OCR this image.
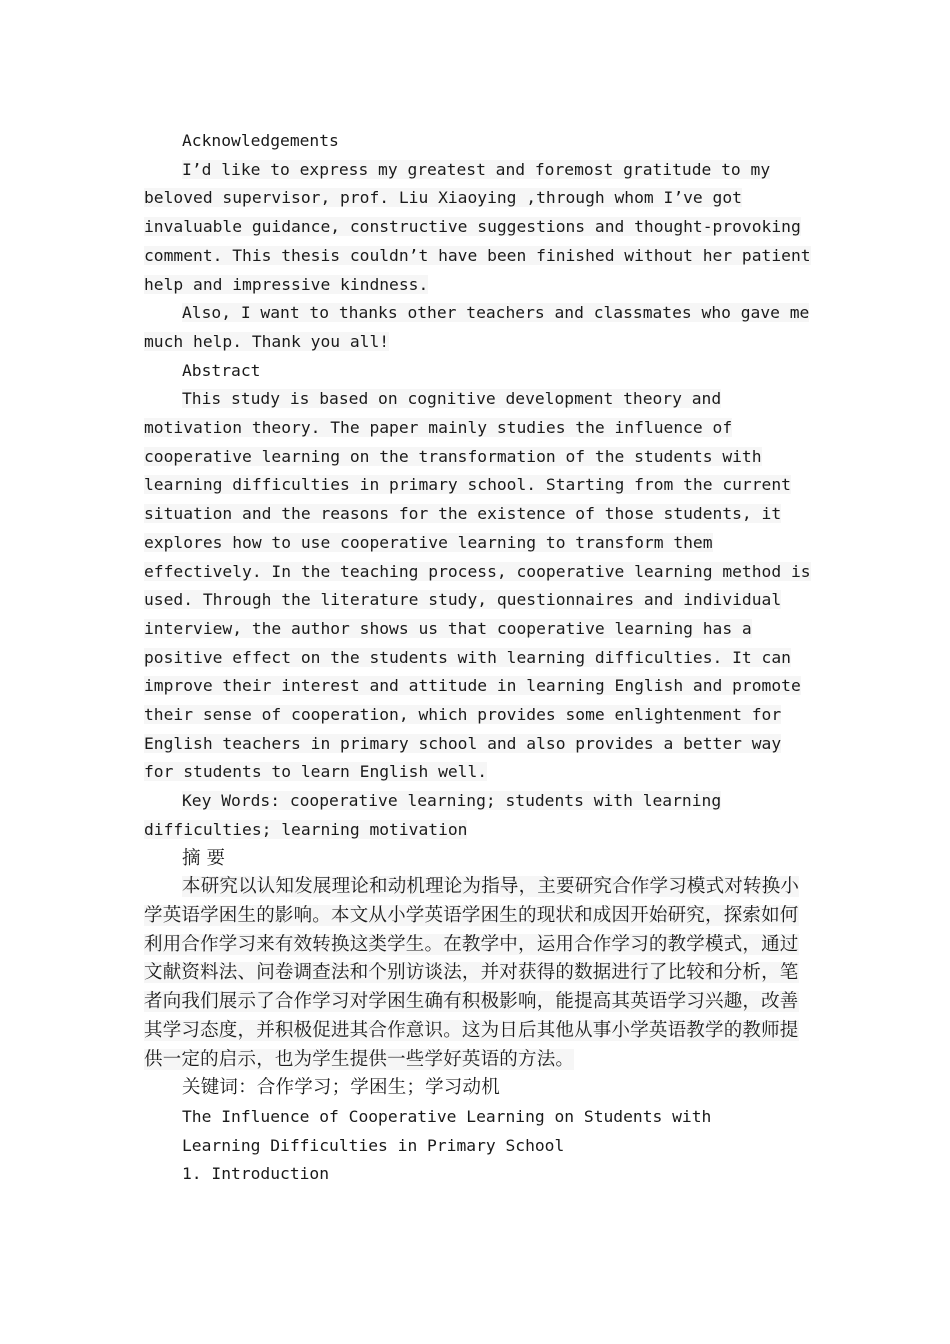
Acknowledgements

I’d like to express my greatest and foremost gratitude to my beloved supervisor, prof. Liu Xiaoying ,through whom I’ve got invaluable guidance, constructive suggestions and thought-provoking comment. This thesis couldn’t have been finished without her patient help and impressive kindness.

Also, I want to thanks other teachers and classmates who gave me much help. Thank you all!

Abstract

This study is based on cognitive development theory and motivation theory. The paper mainly studies the influence of cooperative learning on the transformation of the students with learning difficulties in primary school. Starting from the current situation and the reasons for the existence of those students, it explores how to use cooperative learning to transform them effectively. In the teaching process, cooperative learning method is used. Through the literature study, questionnaires and individual interview, the author shows us that cooperative learning has a positive effect on the students with learning difficulties. It can improve their interest and attitude in learning English and promote their sense of cooperation, which provides some enlightenment for English teachers in primary school and also provides a better way for students to learn English well.

Key Words: cooperative learning; students with learning difficulties; learning motivation

摘要

本研究以认知发展理论和动机理论为指导，主要研究合作学习模式对转换小学英语学困生的影响。本文从小学英语学困生的现状和成因开始研究，探索如何利用合作学习来有效转换这类学生。在教学中，运用合作学习的教学模式，通过文献资料法、问卷调查法和个别访谈法，并对获得的数据进行了比较和分析，笔者向我们展示了合作学习对学困生确有积极影响，能提高其英语学习兴趣，改善其学习态度，并积极促进其合作意识。这为日后其他从事小学英语教学的教师提供一定的启示，也为学生提供一些学好英语的方法。

关键词：合作学习；学困生；学习动机

The Influence of Cooperative Learning on Students with

Learning Difficulties in Primary School

1. Introduction
